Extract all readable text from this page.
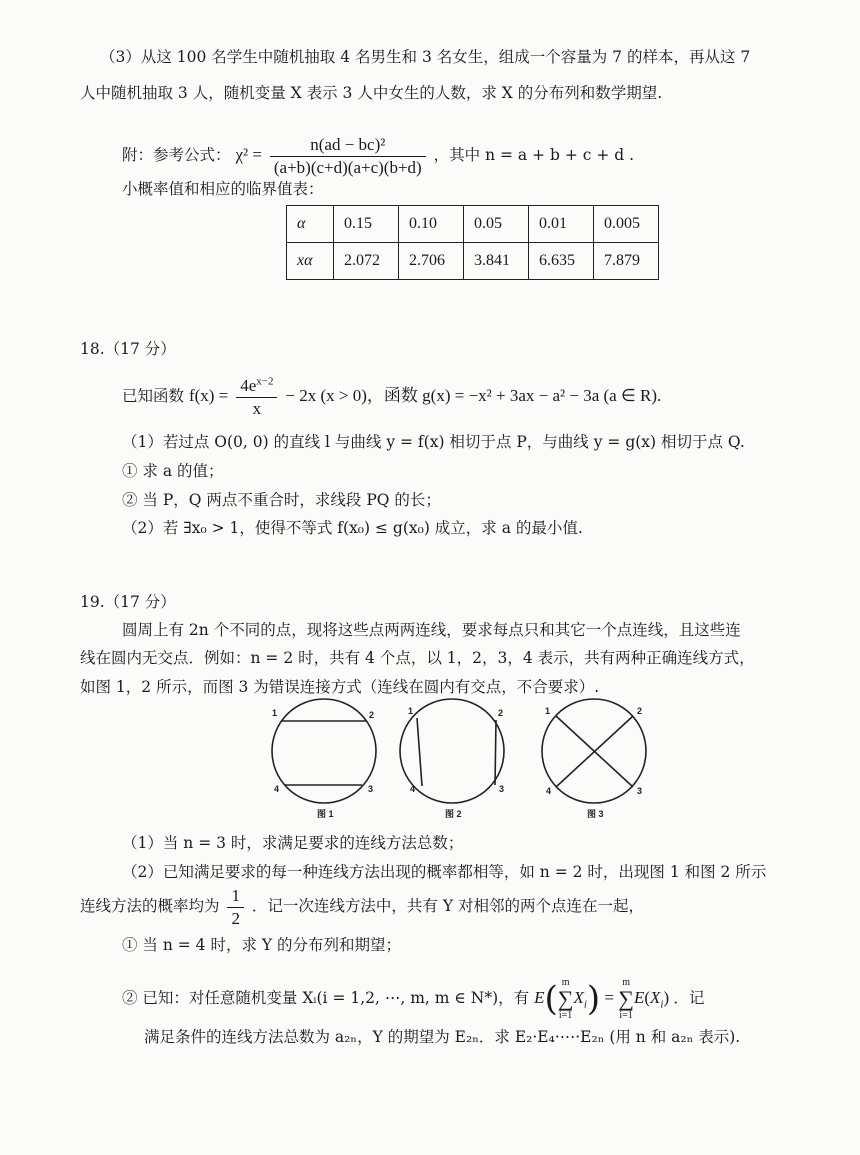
（3）从这 100 名学生中随机抽取 4 名男生和 3 名女生，组成一个容量为 7 的样本，再从这 7
人中随机抽取 3 人，随机变量 X 表示 3 人中女生的人数，求 X 的分布列和数学期望.
附：参考公式： $\chi^2 = \frac{\text{n(ad − bc)²}}{(a+b)(c+d)(a+c)(b+d)}$ ，其中 n = a + b + c + d .
小概率值和相应的临界值表：
α	0.15	0.10	0.05	0.01	0.005
xα	2.072	2.706	3.841	6.635	7.879
18.（17 分）
已知函数 $f(x) = \frac{4e^{x-2}}{x} - 2x$ (x > 0)，函数 g(x) = −x² + 3ax − a² − 3a (a ∈ R).
（1）若过点 O(0, 0) 的直线 l 与曲线 y = f(x) 相切于点 P，与曲线 y = g(x) 相切于点 Q.
① 求 a 的值；
② 当 P，Q 两点不重合时，求线段 PQ 的长；
（2）若 ∃x₀ > 1，使得不等式 f(x₀) ≤ g(x₀) 成立，求 a 的最小值.
19.（17 分）
圆周上有 2n 个不同的点，现将这些点两两连线，要求每点只和其它一个点连线，且这些连
线在圆内无交点．例如：n = 2 时，共有 4 个点，以 1，2，3，4 表示，共有两种正确连线方式，
如图 1，2 所示，而图 3 为错误连接方式（连线在圆内有交点，不合要求）.
1	2
3
4
图 1
1	2
3
4
图 2
1	2
3
4
图 3
（1）当 n = 3 时，求满足要求的连线方法总数；
（2）已知满足要求的每一种连线方法出现的概率都相等，如 n = 2 时，出现图 1 和图 2 所示
连线方法的概率均为 $\frac{1}{2}$ ．记一次连线方法中，共有 Y 对相邻的两个点连在一起，
① 当 n = 4 时，求 Y 的分布列和期望；
② 已知：对任意随机变量 Xᵢ(i = 1,2, ⋯, m, m ∈ N*)，有 E( m
∑
$i=1X_i) = m$
∑
$i=1E(X_i)$ ．记
满足条件的连线方法总数为 a₂ₙ，Y 的期望为 E₂ₙ．求 E₂·E₄·⋯·E₂ₙ (用 n 和 a₂ₙ 表示).
